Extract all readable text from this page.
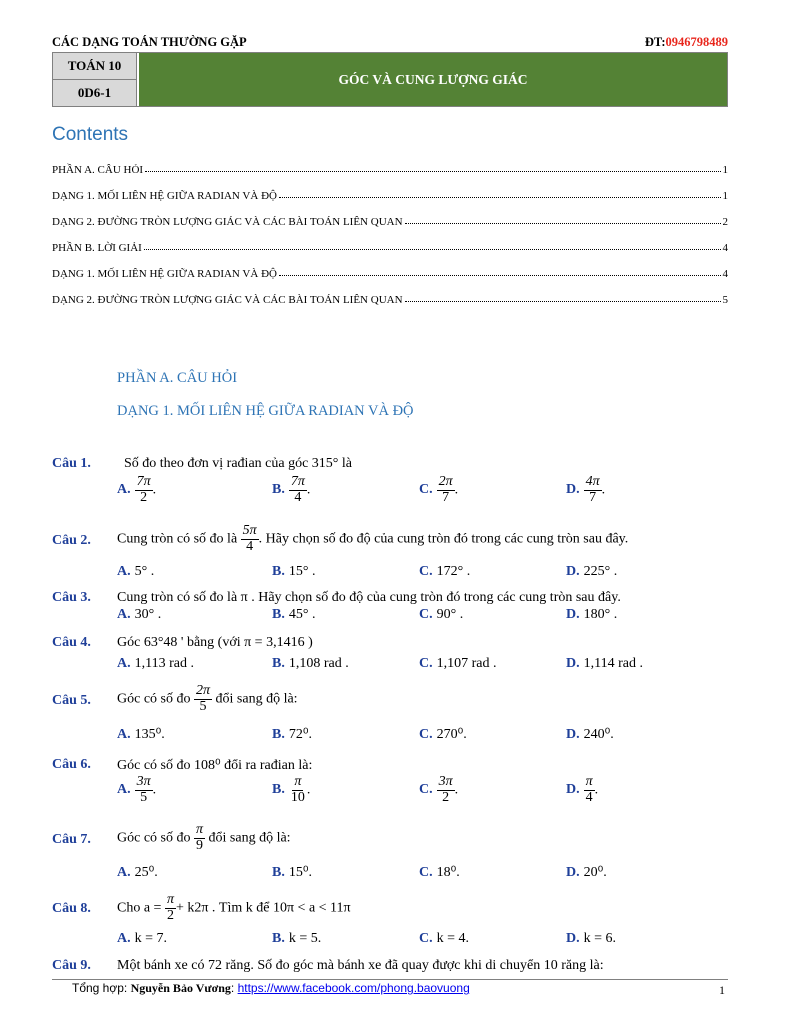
CÁC DẠNG TOÁN THƯỜNG GẶP	ĐT:0946798489
TOÁN 10
0D6-1
GÓC VÀ CUNG LƯỢNG GIÁC
Contents
PHẦN A. CÂU HỎI	1
DẠNG 1. MỐI LIÊN HỆ GIỮA RADIAN VÀ ĐỘ	1
DẠNG 2. ĐƯỜNG TRÒN LƯỢNG GIÁC VÀ CÁC BÀI TOÁN LIÊN QUAN	2
PHẦN B. LỜI GIẢI	4
DẠNG 1. MỐI LIÊN HỆ GIỮA RADIAN VÀ ĐỘ	4
DẠNG 2. ĐƯỜNG TRÒN LƯỢNG GIÁC VÀ CÁC BÀI TOÁN LIÊN QUAN	5
PHẦN A. CÂU HỎI
DẠNG 1. MỐI LIÊN HỆ GIỮA RADIAN VÀ ĐỘ
Câu 1. Số đo theo đơn vị rađian của góc 315° là
A. $\frac{7\pi}{2}$ .	B. $\frac{7\pi}{4}$ .	C. $\frac{2\pi}{7}$ .	D. $\frac{4\pi}{7}$ .
Câu 2. Cung tròn có số đo là $\frac{5\pi}{4}$ . Hãy chọn số đo độ của cung tròn đó trong các cung tròn sau đây.
A. 5° .	B. 15° .	C. 172° .	D. 225° .
Câu 3. Cung tròn có số đo là π . Hãy chọn số đo độ của cung tròn đó trong các cung tròn sau đây.
A. 30° .	B. 45° .	C. 90° .	D. 180° .
Câu 4. Góc 63°48 ' bằng (với π = 3,1416 )
A. 1,113 rad .	B. 1,108 rad .	C. 1,107 rad .	D. 1,114 rad .
Câu 5. Góc có số đo $\frac{2\pi}{5}$ đổi sang độ là:
A. 135⁰.	B. 72⁰.	C. 270⁰.	D. 240⁰.
Câu 6. Góc có số đo 108⁰ đổi ra rađian là:
A. $\frac{3\pi}{5}$ .	B. $\frac{\pi}{10}$ .	C. $\frac{3\pi}{2}$ .	D. $\frac{\pi}{4}$ .
Câu 7. Góc có số đo $\frac{\pi}{9}$ đổi sang độ là:
A. 25⁰.	B. 15⁰.	C. 18⁰.	D. 20⁰.
Câu 8. Cho $a = \frac{\pi}{2} + k2\pi$ . Tìm k để 10π < a < 11π
A. k = 7.	B. k = 5.	C. k = 4.	D. k = 6.
Câu 9. Một bánh xe có 72 răng. Số đo góc mà bánh xe đã quay được khi di chuyển 10 răng là:
Tổng hợp: Nguyễn Bảo Vương: https://www.facebook.com/phong.baovuong	1
